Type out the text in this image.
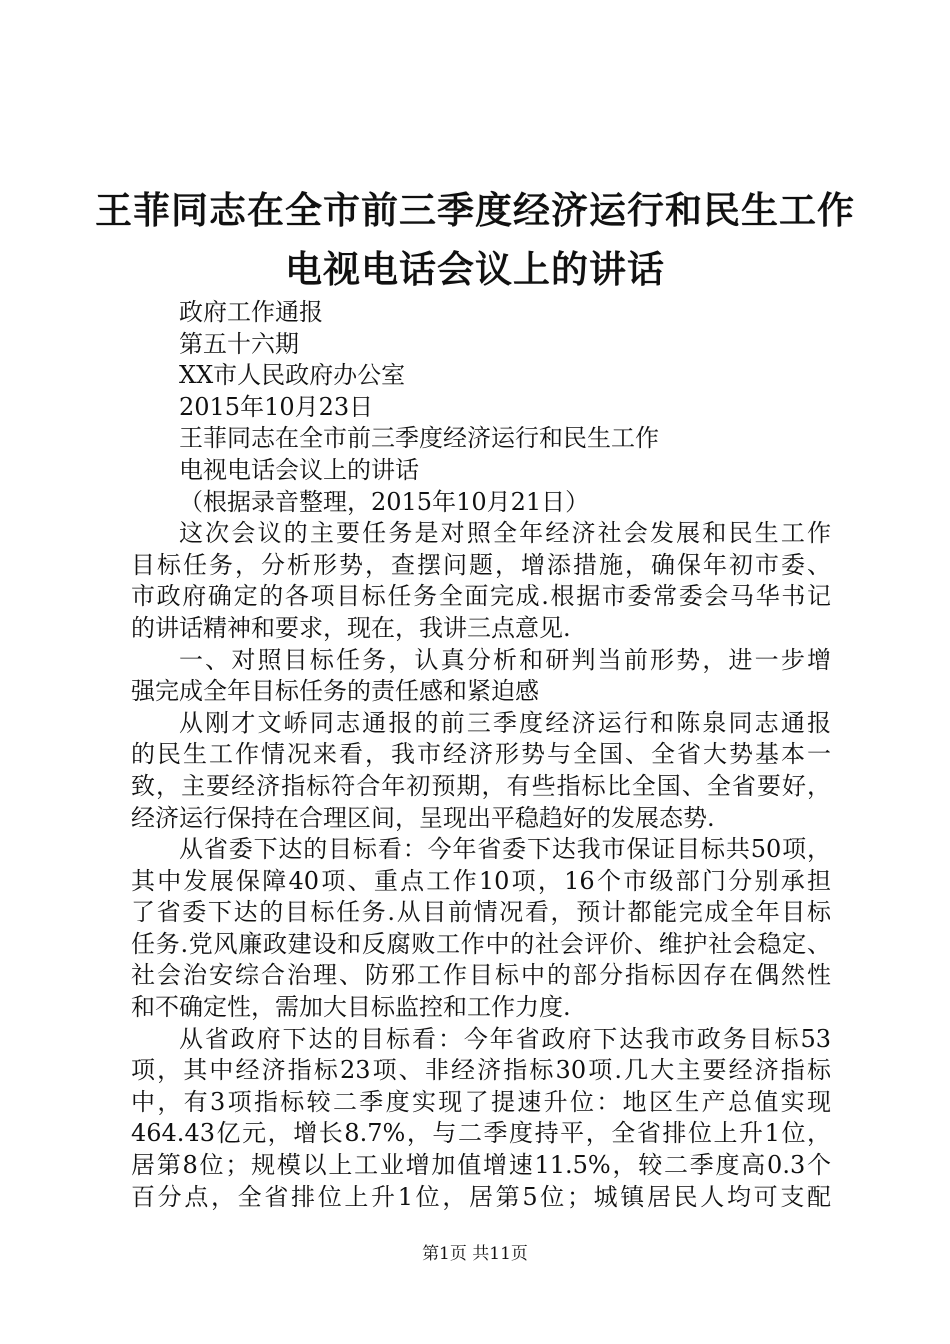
王菲同志在全市前三季度经济运行和民生工作
电视电话会议上的讲话
政府工作通报
第五十六期
XX市人民政府办公室
2015年10月23日
王菲同志在全市前三季度经济运行和民生工作
电视电话会议上的讲话
（根据录音整理，2015年10月21日）
这次会议的主要任务是对照全年经济社会发展和民生工作
目标任务，分析形势，查摆问题，增添措施，确保年初市委、
市政府确定的各项目标任务全面完成.根据市委常委会马华书记
的讲话精神和要求，现在，我讲三点意见.
一、对照目标任务，认真分析和研判当前形势，进一步增
强完成全年目标任务的责任感和紧迫感
从刚才文峤同志通报的前三季度经济运行和陈泉同志通报
的民生工作情况来看，我市经济形势与全国、全省大势基本一
致，主要经济指标符合年初预期，有些指标比全国、全省要好，
经济运行保持在合理区间，呈现出平稳趋好的发展态势.
从省委下达的目标看：今年省委下达我市保证目标共50项，
其中发展保障40项、重点工作10项，16个市级部门分别承担
了省委下达的目标任务.从目前情况看，预计都能完成全年目标
任务.党风廉政建设和反腐败工作中的社会评价、维护社会稳定、
社会治安综合治理、防邪工作目标中的部分指标因存在偶然性
和不确定性，需加大目标监控和工作力度.
从省政府下达的目标看：今年省政府下达我市政务目标53
项，其中经济指标23项、非经济指标30项.几大主要经济指标
中，有3项指标较二季度实现了提速升位：地区生产总值实现
464.43亿元，增长8.7%，与二季度持平，全省排位上升1位，
居第8位；规模以上工业增加值增速11.5%，较二季度高0.3个
百分点，全省排位上升1位，居第5位；城镇居民人均可支配
第1页 共11页
